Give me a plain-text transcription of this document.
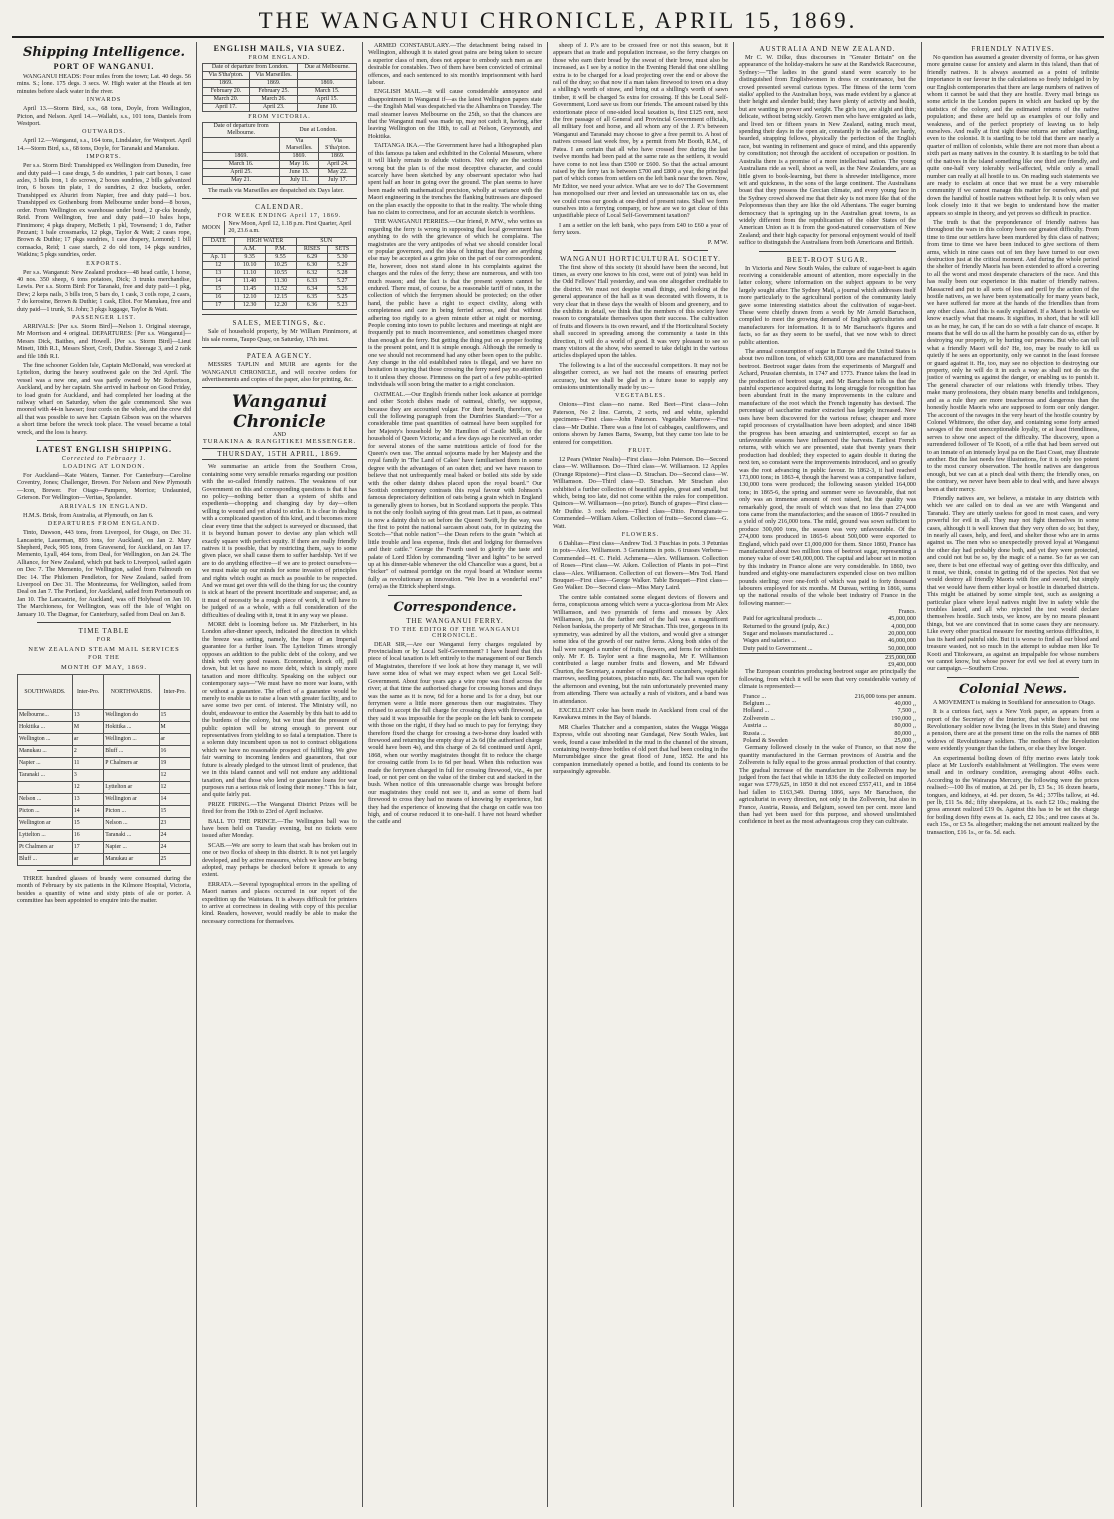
THE WANGANUI CHRONICLE, APRIL 15, 1869.
Shipping Intelligence.
PORT OF WANGANUI.

WANGANUI HEADS: Four miles from the town; Lat. 40 degs. 56 mins. S.; lone. 175 degs. 3 secs. W. High water at the Heads at ten minutes before slack water in the river.

INWARDS

April 13.—Storm Bird, s.s., 68 tons, Doyle, from Wellington, Picton, and Nelson. April 14.—Wallabi, s.s., 101 tons, Daniels from Westport.

OUTWARDS.

April 12.—Wanganui, s.s., 164 tons, Lindslater, for Westport. April 14.—Storm Bird, s.s., 68 tons, Doyle, for Taranaki and Manukau.

IMPORTS.

Per s.s. Storm Bird: Transhipped ex Wellington from Dunedin, free and duty paid—1 case drugs, 5 do sundries, 1 pair cart boxes, 1 case axles, 3 bills iron, 1 do scrows, 2 boxes sundries, 2 bills galvanized iron, 6 boxes tin plate, 1 do sundries, 2 doz buckets, order. Transhipped ex Ahuriri from Napier, free and duty paid—1 box. Transhipped ex Gothenburg from Melbourne under bond—8 boxes, order. From Wellington ex warehouse under bond, 2 qr-cks brandy, Reid. From Wellington, free and duty paid—10 bales hops, Finnimore; 4 pkgs drapery, McBeth; 1 pkl, Townsend; 1 do, Father Pezzant; 1 bale crossmarks, 12 pkgs, Taylor & Watt; 2 cases rope, Brown & Duthie; 17 pkgs sundries, 1 case drapery, Lomond; 1 bill cornsacks, Reid; 1 case starch, 2 do old tom, 14 pkgs sundries, Watkins; 5 pkgs sundries, order.

EXPORTS.

Per s.s. Wanganui: New Zealand produce—48 head cattle, 1 horse, 40 nos. 350 sheep, 6 tons potatoes, Dick; 3 trunks merchandise, Lewis. Per s.s. Storm Bird: For Taranaki, free and duty paid—1 pkg, Dew; 2 keps nails, 3 bills iron, 5 bars do, 1 cask, 3 coils rope, 2 casrs, 7 do kerosine, Brown & Duthie; 1 cask, Eliot. For Manukau, free and duty paid—1 trunk, St. John; 3 pkgs luggage, Taylor & Watt.

PASSENGER LIST.

ARRIVALS: [Per s.s. Storm Bird]—Nelson 1. Original steerage, Mr Morrison and 4 original. DEPARTURES: [Per s.s. Wanganui]—Messrs Dick, Baithes, and Howell. [Per s.s. Storm Bird]—Lieut Minett, 18th R.I., Messrs Short, Croft, Duthie. Steerage 3, and 2 rank and file 18th R.I.

The fine schooner Golden Isle, Captain McDonald, was wrecked at Lyttelton, during the heavy southwest gale on the 3rd April. The vessel was a new one, and was partly owned by Mr Robertson, Auckland, and by her captain. She arrived in harbour on Good Friday, to load grain for Auckland, and had completed her loading at the railway wharf on Saturday, when the gale commenced. She was moored with 44-in hawser; four cords on the whole, and the crew did all that was possible to save her. Captain Gibson was on the wharves a short time before the wreck took place. The vessel became a total wreck, and the loss is heavy.

LATEST ENGLISH SHIPPING.
Corrected to February 1.
LOADING AT LONDON.

For Auckland—Kate Waters, Tanner. For Canterbury—Caroline Coventry, Jones; Challenger, Brown. For Nelson and New Plymouth—Icon, Brewer. For Otago—Pampero, Morrice; Undaunted, Grierson. For Wellington—Veritas, Spolander.

ARRIVALS IN ENGLAND.

H.M.S. Brisk, from Australia, at Plymouth, on Jan 6.

DEPARTURES FROM ENGLAND.

Tinto, Dawson, 443 tons, from Liverpool, for Otago, on Dec 31. Lancastrie, Lauerman, 893 tons, for Auckland, on Jan 2. Mary Shepherd, Peck, 905 tons, from Gravesend, for Auckland, on Jan 17. Memento, Lyall, 464 tons, from Deal, for Wellington, on Jan 24. The Alliance, for New Zealand, which put back to Liverpool, sailed again on Dec 7. The Memento, for Wellington, sailed from Falmouth on Dec 14. The Philomen Pendleton, for New Zealand, sailed from Liverpool on Dec 31. The Montezuma, for Wellington, sailed from Deal on Jan 7. The Portland, for Auckland, sailed from Portsmouth on Jan 10. The Lancastrie, for Auckland, was off Holyhead on Jan 10. The Marchioness, for Wellington, was off the Isle of Wight on January 10. The Dagmar, for Canterbury, sailed from Deal on Jan 8.

TIME TABLE
FOR
NEW ZEALAND STEAM MAIL SERVICES
FOR THE
MONTH OF MAY, 1869.
SOUTHWARDS.	Inter-Pro.	NORTHWARDS.	Inter-Pro.
Melbourne...	13	Wellington do	15
Hokitika ...	M	Hokitika ...	M
Wellington ...	ar	Wellington ...	ar
Manukau ...	2	Bluff ...	16
Napier ...	11	P Chalmers ar	19
Taranaki ...	3		12
	12	Lyttelton ar	12
Nelson ...	13	Wellington ar	14
Picton ...	14	Picton ...	15
Wellington ar	15	Nelson ...	23
Lyttelton ...	16	Taranaki ...	24
Pt Chalmers ar	17	Napier ...	24
Bluff ...	ar	Manukau ar	25

THREE hundred glasses of brandy were consumed during the month of February by six patients in the Kilmore Hospital, Victoria, besides a quantity of wine and sixty pints of ale or porter. A committee has been appointed to enquire into the matter.

ENGLISH MAILS, VIA SUEZ.
FROM ENGLAND.
Date of departure from London.		Due at Melbourne.
Via S'tha'pton.	Via Marseilles.	
1869.	1869.	1869.
February 20.	February 25.	March 15.
March 20.	March 26.	April 15.
April 17.	April 23.	June 10.
FROM VICTORIA.
Date of departure from Melbourne.	Due at London.	
	Via Marseilles.	Via S'tha'pton.
1869.	1869.	1869.
March 16.	May 16.	April 24.
April 25.	June 13.	May 22.
May 21.	July 11.	July 17.

The mails via Marseilles are despatched six Days later.

CALENDAR.
FOR WEEK ENDING April 17, 1869.
MOON
New Moon, April 12, 1.18 p.m. First Quarter, April 20, 23.6 a.m.
DATE	HIGH WATER		SUN	
	A.M.	P.M.	RISES	SETS
Ap. 11	9.35	9.55	6.29	5.30
12	10.10	10.25	6.30	5.29
13	11.10	10.55	6.32	5.28
14	11.40	11.30	6.33	5.27
15	11.45	11.52	6.34	5.26
16	12.10	12.15	6.35	5.25
17	12.30	12.20	6.36	5.23
SALES, MEETINGS, &c.

Sale of household property, by Mr William Pinnimore, at his sale rooms, Taupo Quay, on Saturday, 17th inst.

PATEA AGENCY.

MESSRS TAPLIN and MUIR are agents for the WANGANUI CHRONICLE, and will receive orders for advertisements and copies of the paper, also for printing, &c.

Wanganui Chronicle
AND
TURAKINA & RANGITIKEI MESSENGER.
THURSDAY, 15TH APRIL, 1869.

We summarise an article from the Southern Cross, containing some very sensible remarks regarding our position with the so-called friendly natives. The weakness of our Government on this and corresponding questions is that it has no policy—nothing better than a system of shifts and expedients—chopping and changing day by day—often willing to wound and yet afraid to strike. It is clear in dealing with a complicated question of this kind, and it becomes more clear every time that the subject is surveyed or discussed, that it is beyond human power to devise any plan which will exactly square with perfect equity. If there are really friendly natives it is possible, that by restricting them, says to some given place, we shall cause them to suffer hardship. Yet if we are to do anything effective—if we are to protect ourselves—we must make up our minds for some invasion of principles and rights which ought as much as possible to be respected. And we must get over this will do the thing for us; the country is sick at heart of the present incertitude and suspense; and, as it must of necessity be a rough piece of work, it will have to be judged of as a whole, with a full consideration of the difficulties of dealing with it, treat it in any way we please.

MORE debt is looming before us. Mr Fitzherbert, in his London after-dinner speech, indicated the direction in which the breeze was setting, namely, the hope of an Imperial guarantee for a further loan. The Lyttelton Times strongly opposes an addition to the public debt of the colony, and we think with very good reason. Economise, knock off, pull down, but let us have no more debt, which is simply more taxation and more difficulty. Speaking on the subject our contemporary says—"We must have no more war loans, with or without a guarantee. The effect of a guarantee would be merely to enable us to raise a loan with greater facility, and to save some two per cent. of interest. The Ministry will, no doubt, endeavour to entice the Assembly by this bait to add to the burdens of the colony, but we trust that the pressure of public opinion will be strong enough to prevent our representatives from yielding to so fatal a temptation. There is a solemn duty incumbent upon us not to contract obligations which we have no reasonable prospect of fulfilling. We give fair warning to incoming lenders and guarantors, that our future is already pledged to the utmost limit of prudence, that we in this island cannot and will not endure any additional taxation, and that those who lend or guarantee loans for war purposes run a serious risk of losing their money." This is fair, and quite fairly put.

PRIZE FIRING.—The Wanganui District Prizes will be fired for from the 19th to 23rd of April inclusive.

BALL TO THE PRINCE.—The Wellington ball was to have been held on Tuesday evening, but no tickets were issued after Monday.

SCAB.—We are sorry to learn that scab has broken out in one or two flocks of sheep in this district. It is not yet largely developed, and by active measures, which we know are being adopted, may perhaps be checked before it spreads to any extent.

ERRATA.—Several typographical errors in the spelling of Maori names and places occurred in our report of the expedition up the Waitotara. It is always difficult for printers to arrive at correctness in dealing with copy of this peculiar kind. Readers, however, would readily be able to make the necessary corrections for themselves.

ARMED CONSTABULARY.—The detachment being raised in Wellington, although it is stated great pains are being taken to secure a superior class of men, does not appear to embody such men as are desirable for constables. Two of them have been convicted of criminal offences, and each sentenced to six month's imprisonment with hard labour.

ENGLISH MAIL.—It will cause considerable annoyance and disappointment in Wanganui if—as the latest Wellington papers state—the English Mail was despatched via the Alhambra on Tuesday. The mail steamer leaves Melbourne on the 25th, so that the chances are that the Wanganui mail was made up, may not catch it, having, after leaving Wellington on the 18th, to call at Nelson, Greymouth, and Hokitika.

TAITANGA IKA.—The Government have had a lithographed plan of this famous pa taken and exhibited in the Colonial Museum, where it will likely remain to delude visitors. Not only are the sections wrong but the plan is of the most deceptive character, and could scarcely have been sketched by any observant spectator who had spent half an hour in going over the ground. The plan seems to have been made with mathematical precision, wholly at variance with the Maori engineering in the trenches the flanking buttresses are disposed on the plan exactly the opposite to that in the reality. The whole thing has no claim to correctness, and for an accurate sketch is worthless.

THE WANGANUI FERRIES.—Our friend, P. M'W., who writes us regarding the ferry is wrong in supposing that local government has anything to do with the grievance of which he complains. The magistrates are the very antipodes of what we should consider local or popular governors, and the idea of hinting that they are anything else may be accepted as a grim joke on the part of our correspondent. He, however, does not stand alone in his complaints against the charges and the rules of the ferry; these are numerous, and with too much reason; and the fact is that the present system cannot be endured. There must, of course, be a reasonable tariff of rates, in the collection of which the ferrymen should be protected; on the other hand, the public have a right to expect civility, along with completeness and care in being ferried across, and that without adhering too rigidly to a given minute either at night or morning. People coming into town to public lectures and meetings at night are frequently put to much inconvenience, and sometimes charged more than enough at the ferry. But getting the thing put on a proper footing is the present point, and it is simple enough. Although the remedy is one we should not recommend had any other been open to the public. Any change in the old established rates is illegal, and we have no hesitation in saying that those crossing the ferry need pay no attention to it unless they choose. Firmness on the part of a few public-spirited individuals will soon bring the matter to a right conclusion.

OATMEAL.—Our English friends rather look askance at porridge and other Scotch dishes made of oatmeal, chiefly, we suppose, because they are accounted vulgar. For their benefit, therefore, we cull the following paragraph from the Dumfries Standard:—"For a considerable time past quantities of oatmeal have been supplied for her Majesty's household by Mr Hamilton of Castle Milk, to the household of Queen Victoria; and a few days ago he received an order for several stones of the same nutritious article of food for the Queen's own use. The annual sojourns made by her Majesty and the royal family in 'The Land of Cakes' have familiarised them in some degree with the advantages of an oaten diet; and we have reason to believe that not unfrequently meal baked or boiled sits side by side with the other dainty dishes placed upon the royal board." Our Scottish contemporary contrasts this royal favour with Johnson's famous depreciatory definition of oats being a grain which in England is generally given to horses, but in Scotland supports the people. This is not the only foolish saying of this great man. Let it pass, as oatmeal is now a dainty dish to set before the Queen! Swift, by the way, was the first to point the national sarcasm about oats, for in quizzing the Scotch—"that noble nation"—the Dean refers to the grain "which at little trouble and less expense, finds diet and lodging for themselves and their cattle." George the Fourth used to glorify the taste and palate of Lord Eldon by commanding "liver and lights" to be served up at his dinner-table whenever the old Chancellor was a guest, but a "bicker" of oatmeal porridge on the royal board at Windsor seems fully as revolutionary an innovation. "We live in a wonderful era!" (erra) as the Ettrick shepherd sings.

Correspondence.
THE WANGANUI FERRY.
TO THE EDITOR OF THE WANGANUI CHRONICLE.

DEAR SIR,—Are our Wanganui ferry charges regulated by Provincialism or by Local Self-Government? I have heard that this piece of local taxation is left entirely to the management of our Bench of Magistrates, therefore if we look at how they manage it, we will have some idea of what we may expect when we get Local Self-Government. About four years ago a wire rope was fixed across the river; at that time the authorised charge for crossing horses and drays was the same as it is now, 6d for a horse and 1s for a dray, but our ferrymen were a little more generous then our magistrates. They refused to accept the full charge for crossing drays with firewood, as they said it was impossible for the people on the left bank to compete with those on the right, if they had so much to pay for ferrying; they therefore fixed the charge for crossing a two-horse dray loaded with firewood and returning the empty dray at 2s 6d (the authorised charge would have been 4s), and this charge of 2s 6d continued until April, 1868, when our worthy magistrates thought fit to reduce the charge for crossing cattle from 1s to 6d per head. When this reduction was made the ferrymen charged in full for crossing firewood, viz., 4s per load, or not per cent on the value of the timber cut and stacked in the bush. When notice of this unreasonable charge was brought before our magistrates they could not see it, and as some of them had firewood to cross they had no means of knowing by experience, but they had the experience of knowing that the charge on cattle was too high, and of course reduced it to one-half. I have not heard whether the cattle and

sheep of J. P.'s are to be crossed free or not this season, but it appears that as trade and population increase, so the ferry charges on those who earn their bread by the sweat of their brow, must also be increased, as I see by a notice in the Evening Herald that one shilling extra is to be charged for a load projecting over the end or above the rail of the dray; so that now if a man takes firewood to town on a dray a shilling's worth of straw, and bring out a shilling's worth of sawn timber, it will be charged 5s extra for crossing. If this be Local Self-Government, Lord save us from our friends. The amount raised by this extortionate piece of one-sided local taxation is, first £125 rent, next the free passage of all General and Provincial Government officials, all military foot and horse, and all whom any of the J. P.'s between Wanganui and Taranaki may choose to give a free permit to. A host of natives crossed last week free, by a permit from Mr Booth, R.M., of Patea. I am certain that all who have crossed free during the last twelve months had been paid at the same rate as the settlers, it would have come to not less than £500 or £600. So that the actual amount raised by the ferry tax is between £700 and £800 a year, the principal part of which comes from settlers on the left bank near the town. Now, Mr Editor, we need your advice. What are we to do? The Government has monopolised our river and levied an unreasonable tax on us, else we could cross our goods at one-third of present rates. Shall we form ourselves into a ferrying company, or how are we to get clear of this unjustifiable piece of Local Self-Government taxation?

I am a settler on the left bank, who pays from £40 to £60 a year of ferry taxes.

P. M'W.
WANGANUI HORTICULTURAL SOCIETY.

The first show of this society (it should have been the second, but times, as every one knows to his cost, were out of joint) was held in the Odd Fellows' Hall yesterday, and was one altogether creditable to the district. We must not despise small things, and looking at the general appearance of the hall as it was decorated with flowers, it is very clear that in these days the wealth of bloom and greenery, and to the exhibits in detail, we think that the members of this society have reason to congratulate themselves upon their success. The cultivation of fruits and flowers is its own reward, and if the Horticultural Society shall succeed in spreading among the community a taste in this direction, it will do a world of good. It was very pleasant to see so many visitors at the show, who seemed to take delight in the various articles displayed upon the tables.

The following is a list of the successful competitors. It may not be altogether correct, as we had not the means of ensuring perfect accuracy, but we shall be glad in a future issue to supply any omissions unintentionally made by us:—

VEGETABLES.

Onions—First class—no name. Red Beet—First class—John Paterson, No 2 line. Carrots, 2 sorts, red and white, splendid specimens—First class—John Paterson. Vegetable Marrow—First class—Mr Duthie. There was a fine lot of cabbages, cauliflowers, and onions shown by James Barns, Swamp, but they came too late to be entered for competition.

FRUIT.

12 Pears (Winter Nealis)—First class—John Paterson. Do—Second class—W. Williamson. Do—Third class—W. Williamson. 12 Apples (Orange Ripstone)—First class—D. Strachan. Do—Second class—W. Williamson. Do—Third class—D. Strachan. Mr Strachan also exhibited a further collection of beautiful apples, great and small, but which, being too late, did not come within the rules for competition. Quinces—W. Williamson—(no prize). Bunch of grapes—First class—Mr Duthie. 3 rock melons—Third class—Ditto. Pomegranate—Commended—William Aiken. Collection of fruits—Second class—G. Watt.

FLOWERS.

6 Dahlias—First class—Andrew Tod. 3 Fuschias in pots. 3 Petunias in pots—Alex. Williamson. 3 Geraniums in pots. 6 trusses Verbena—Commended—H. C. Field. Achmena—Alex. Williamson. Collection of Roses—First class—W. Aiken. Collection of Plants in pot—First class—Alex. Williamson. Collection of cut flowers—Mrs Tod. Hand Bouquet—First class—George Walker. Table Bouquet—First class—Geo Walker. Do—Second class—Miss Mary Laird.

The centre table contained some elegant devices of flowers and ferns, conspicuous among which were a yucca-gloriosa from Mr Alex Williamson, and two pyramids of ferns and mosses by Alex Williamson, jun. At the farther end of the hall was a magnificent Nelson banksia, the property of Mr Strachan. This tree, gorgeous in its symmetry, was admired by all the visitors, and would give a stranger some idea of the growth of our native ferns. Along both sides of the hall were ranged a number of fruits, flowers, and ferns for exhibition only. Mr F. B. Taylor sent a fine magnolia, Mr F. Williamson contributed a large number fruits and flowers, and Mr Edward Churton, the Secretary, a number of magnificent cucumbers, vegetable marrows, seedling potatoes, pistachio nuts, &c. The hall was open for the afternoon and evening, but the rain unfortunately prevented many from attending. There was actually a rush of visitors, and a band was in attendance.

EXCELLENT coke has been made in Auckland from coal of the Kawakawa mines in the Bay of Islands.

MR Charles Thatcher and a companion, states the Wagga Wagga Express, while out shooting near Gundagai, New South Wales, last week, found a case imbedded in the mud in the channel of the stream, containing twenty-three bottles of old port that had been cooling in the Murrumbidgee since the great flood of June, 1852. He and his companion immediately opened a bottle, and found its contents to be surpassingly agreeable.

AUSTRALIA AND NEW ZEALAND.

Mr C. W. Dilke, thus discourses in "Greater Britain" on the appearance of the holiday-makers he saw at the Randwick Racecourse, Sydney:—"The ladies in the grand stand were scarcely to be distinguished from Englishwomen in dress or countenance, but the crowd presented several curious types. The fitness of the term 'corn stalks' applied to the Australian boys, was made evident by a glance at their height and slender build; they have plenty of activity and health, but are wanting in power and weight. The girls too, are slight and thin; delicate, without being sickly. Grown men who have emigrated as lads, and lived ten or fifteen years in New Zealand, eating much meat, spending their days in the open air, constantly in the saddle, are hardy, bearded, strapping fellows, physically the perfection of the English race, but wanting in refinement and grace of mind, and this apparently by constitution; not through the accident of occupation or position. In Australia there is a promise of a more intellectual nation. The young Australians ride as well, shoot as well, as the New Zealanders, are as little given to book-learning, but there is shrewder intelligence, more wit and quickness, in the sons of the large continent. The Australians boast that they possess the Grecian climate, and every young face in the Sydney crowd showed me that their sky is not more like that of the Peloponnesus than they are like the old Athenians. The eager burning democracy that is springing up in the Australian great towns, is as widely different from the republicanism of the older States of the American Union as it is from the good-natured conservatism of New Zealand; and their high capacity for personal enjoyment would of itself suffice to distinguish the Australians from both Americans and British.

BEET-ROOT SUGAR.

In Victoria and New South Wales, the culture of sugar-beet is again receiving a considerable amount of attention, more especially in the latter colony, where information on the subject appears to be very largely sought after. The Sydney Mail, a journal which addresses itself more particularly to the agricultural portion of the community lately gave some interesting statistics about the cultivation of sugar-beet. These were chiefly drawn from a work by Mr Arnold Baruchson, compiled to meet the growing demand of English agriculturists and manufacturers for information. It is to Mr Baruchson's figures and facts, so far as they seem to be useful, that we now wish to direct public attention.

The annual consumption of sugar in Europe and the United States is about two million tons, of which 638,000 tons are manufactured from beetroot. Beetroot sugar dates from the experiments of Margraff and Achard, Prussian chemists, in 1747 and 1773. France takes the lead in the production of beetroot sugar, and Mr Baruchson tells us that the painful experience acquired during its long struggle for recognition has been abundant fruit in the many improvements in the culture and manufacture of the root which the French ingenuity has devised. The percentage of saccharine matter extracted has largely increased. New uses have been discovered for the various refuse; cheaper and more rapid processes of crystallisation have been adopted; and since 1848 the progress has been amazing and uninterrupted, except so far as unfavourable seasons have influenced the harvests. Earliest French returns, with which we are presented, state that twenty years their production had doubled; they expected to again double it during the next ten, so constant were the improvements introduced, and so greatly was the root advancing in public favour. In 1862-3, it had reached 173,000 tons; in 1863-4, though the harvest was a comparative failure, 130,000 tons were produced; the following season yielded 164,000 tons; in 1865-6, the spring and summer were so favourable, that not only was an immense amount of root raised, but the quality was remarkably good, the result of which was that no less than 274,000 tons came from the manufactories; and the season of 1866-7 resulted in a yield of only 216,000 tons. The mild, ground was sown sufficient to produce 300,000 tons, the season was very unfavourable. Of the 274,000 tons produced in 1865-6 about 500,000 were exported to England, which paid over £1,000,000 for them. Since 1860, France has manufactured about two million tons of beetroot sugar, representing a money value of over £40,000,000. The capital and labour set in motion by this industry in France alone are very considerable. In 1860, two hundred and eighty-one manufacturers expended close on two million pounds sterling; over one-forth of which was paid to forty thousand labourers employed for six months. M Dureau, writing in 1866, sums up the national results of the whole beet industry of France in the following manner:—

Francs.
Paid for agricultural products ...	45,000,000
Returned to the ground (pulp, &c.)	4,000,000
Sugar and molasses manufactured ...	20,000,000
Wages and salaries ...	46,000,000
Duty paid to Government ...	50,000,000
235,000,000
£9,400,000

The European countries producing beetroot sugar are principally the following, from which it will be seen that very considerable variety of climate is represented:—

France ...	216,000 tons per annum.
Belgium ...	40,000 ,,
Holland ...	7,500 ,,
Zollverein ...	190,000 ,,
Austria ...	80,000 ,,
Russia ...	80,000 ,,
Poland & Sweden	25,000 ,,

Germany followed closely in the wake of France, so that now the quantity manufactured in the German provinces of Austria and the Zollverein is fully equal to the gross annual production of that country. The gradual increase of the manufacture in the Zollverein may be judged from the fact that while in 1836 the duty collected on imported sugar was £779,625, in 1850 it did not exceed £557,411, and in 1864 had fallen to £163,349. During 1866, says Mr Baruchson, the agriculturist in every direction, not only in the Zollverein, but also in France, Austria, Russia, and Belgium, sowed ten per cent. more land than had yet been used for this purpose, and showed unslimished confidence in beet as the most advantageous crop they can cultivate.

FRIENDLY NATIVES.

No question has assumed a greater diversity of forms, or has given more genuine cause for anxiety and alarm in this island, than that of friendly natives. It is always assumed as a point of infinite importance in our favour in the calculations so freely indulged in by our English contemporaries that there are large numbers of natives of whom it cannot be said that they are hostile. Every mail brings us some article in the London papers in which are backed up by the statistics of the colony, and the estimated returns of the native population; and these are held up as examples of our folly and weakness, and of the perfect propriety of leaving us to help ourselves. And really at first sight these returns are rather startling, even to the colonist. It is startling to be told that there are nearly a quarter of million of colonists, while there are not more than about a sixth part as many natives in the country. It is startling to be told that of the natives in the island something like one third are friendly, and quite one-half very tolerably well-affected, while only a small number can really at all hostile to us. On reading such statements we are ready to exclaim at once that we must be a very miserable community if we cannot manage this matter for ourselves, and put down the handful of hostile natives without help. It is only when we look closely into it that we begin to understand how the matter appears so simple in theory, and yet proves so difficult in practice.

The truth is that the preponderance of friendly natives has throughout the wars in this colony been our greatest difficulty. From time to time our settlers have been murdered by this class of natives; from time to time we have been induced to give sections of them arms, which in nine cases out of ten they have turned to our own destruction just at the critical moment. And during the whole period the shelter of friendly Maoris has been extended to afford a covering to all the worst and most desperate characters of the race. And this has really been our experience in this matter of friendly natives. Massacred and put to all sorts of loss and peril by the action of the hostile natives, as we have been systematically for many years back, we have suffered far more at the hands of the friendlies than from any other class. And this is easily explained. If a Maori is hostile we know exactly what that means. It signifies, in short, that he will kill us as he may, he can, if he can do so with a fair chance of escape. It means that he will do us all the harm he possibly can do us, either by destroying our property, or by hurting our persons. But who can tell what a friendly Maori will do? He, too, may be ready to kill us quietly if he sees an opportunity, only we cannot in the least foresee or guard against it. He, too, may see no objection to destroying our property, only he will do it in such a way as shall not do us the justice of warning us against the danger, or enabling us to punish it. The general character of our relations with friendly tribes. They make many professions, they obtain many benefits and indulgences, and as a rule they are more treacherous and dangerous than the honestly hostile Maoris who are supposed to form our only danger. The account of the ravages in the very heart of the hostile country by Colonel Whitmore, the other day, and containing some forty armed savages of the most unexceptionable loyalty, or at least friendliness, serves to show one aspect of the difficulty. The discovery, upon a surrendered follower of Te Kooti, of a rifle that had been served out to an inmate of an intensely loyal pa on the East Coast, may illustrate another. But the last needs few illustrations, for it is only too potent to the most cursory observation. The hostile natives are dangerous enough, but we can at a pinch deal with them; the friendly ones, on the contrary, we never have been able to deal with, and have always been at their mercy.

Friendly natives are, we believe, a mistake in any districts with which we are called on to deal as we are with Wanganui and Taranaki. They are utterly useless for good in most cases, and very powerful for evil in all. They may not fight themselves in some cases, although it is well known that they very often do so; but they, in nearly all cases, help, and feed, and shelter those who are in arms against us. The men who so unexpectedly proved loyal at Wanganui the other day had probably done both, and yet they were protected, and could not but be so, by the magic of a name. So far as we can see, there is but one effectual way of getting over this difficulty, and it must, we think, consist in getting rid of the species. Not that we would destroy all friendly Maoris with fire and sword, but simply that we would have them either loyal or hostile in disturbed districts. This might be attained by some simple test, such as assigning a particular place where loyal natives might live in safety while the troubles lasted, and all who rejected the test would declare themselves hostile. Such tests, we know, are by no means pleasant things, but we are convinced that in some cases they are necessary. Like every other practical measure for meeting serious difficulties, it has its hard and painful side. But it is worse to find all our blood and treasure wasted, not so much in the attempt to subdue men like Te Kooti and Titokowaru, as against an impalpable foe whose numbers we cannot know, but whose power for evil we feel at every turn in our campaign.—Southern Cross.

Colonial News.

A MOVEMENT is making in Southland for annexation to Otago.

It is a curious fact, says a New York paper, as appears from a report of the Secretary of the Interior, that while there is but one Revolutionary soldier now living (he lives in this State) and drawing a pension, there are at the present time on the rolls the names of 888 widows of Revolutionary soldiers. The mothers of the Revolution were evidently younger than the fathers, or else they live longer.

An experimental boiling down of fifty merino ewes lately took place at Mr Luxford's establishment at Wellington. The ewes were small and in ordinary condition, averaging about 40lbs each. According to the Wairarapa Mercury, the following were the prices realised:—100 lbs of mutton, at 2d. per lb, £3 5s.; 16 dozen hearts, tongues, and kidneys, at 4d. per dozen, 5s 4d.; 377lbs tallow, at 4d. per lb, £11 5s. 8d.; fifty sheepskins, at 1s. each £2 10s.; making the gross amount realized £19 0s. Against this has to be set the charge for boiling down fifty ewes at 1s. each, £2 10s.; and tree cases at 3s. each 15s., or £3 5s. altogether; making the net amount realized by the transaction, £16 1s., or 6s. 5d. each.
